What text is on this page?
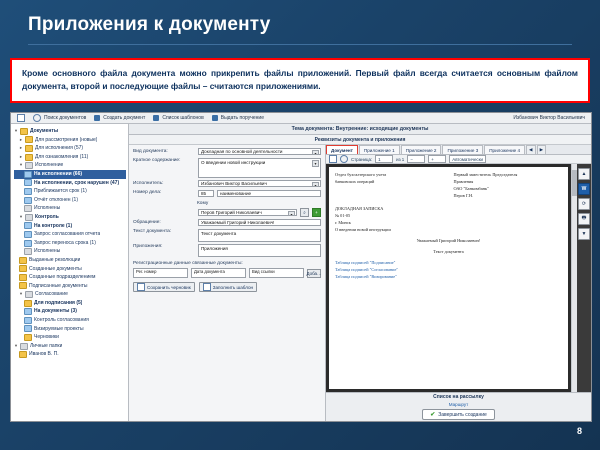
Приложения к документу

Кроме основного файла документа можно прикрепить файлы приложений. Первый файл всегда считается основным файлом документа, второй и последующие файлы – считаются приложениями.

Поиск документов	Создать документ	Список шаблонов	Выдать поручение	Избанович Виктор Васильевич
▾	Документы
▸	Для рассмотрения (новые)
▸	Для исполнения (57)
▸	Для ознакомления (11)
▾	Исполнение
На исполнении (66)
На исполнении, срок нарушен (47)
Приближается срок (1)
Отчёт отклонен (1)
Исполнены
▾	Контроль
На контроле (1)
Запрос согласования отчета
Запрос переноса срока (1)
Исполнены
Выданные резолюции
Созданные документы
Созданные подразделением
Подписанные документы
▾	Согласование
Для подписания (5)
На документы (3)
Контроль согласования
Визируемые проекты
Черновики
▾	Личные папки
Иванов В. П.
Тема документа: Внутренние: исходящие документы
Реквизиты документа и приложения
Вид документа:	Докладная по основной деятельности	▾
Краткое содержание:	О введении новой инструкции	▾
Исполнитель:	Избанович Виктор Васильевич	▾
Номер дела:	85	наименование
Кому
Перов Григорий Николаевич	▾	⌕	+
Обращение:	Уважаемый Григорий Николаевич!
Текст документа:	Текст документа
Приложения:	Приложения
Регистрационные данные связанные документы:
Рег. номер	Дата документа	Вид ссылки	Доба…
Сохранить черновик	Заполнить шаблон
Документ Приложение 1 Приложение 2 Приложение 3 Приложение 4	◀	▶
Страница:	1	из 1	−	+	Автоматически
Отдел бухгалтерского учета
банковских операций
Первый заместитель Председателя
Правления
ОАО "Банкомбанк"
Перов Г.Н.
ДОКЛАДНАЯ ЗАПИСКА
№ 01-05
г. Минск
О введении новой инструкции
Уважаемый Григорий Николаевич!
Текст документа
Таблица подписей "Подписание"
Таблица подписей "Согласование"
Таблица подписей "Визирование"
▲
W
⟳
🖶
▼
Список на рассылку
Маршрут
✔ Завершить создание
8
